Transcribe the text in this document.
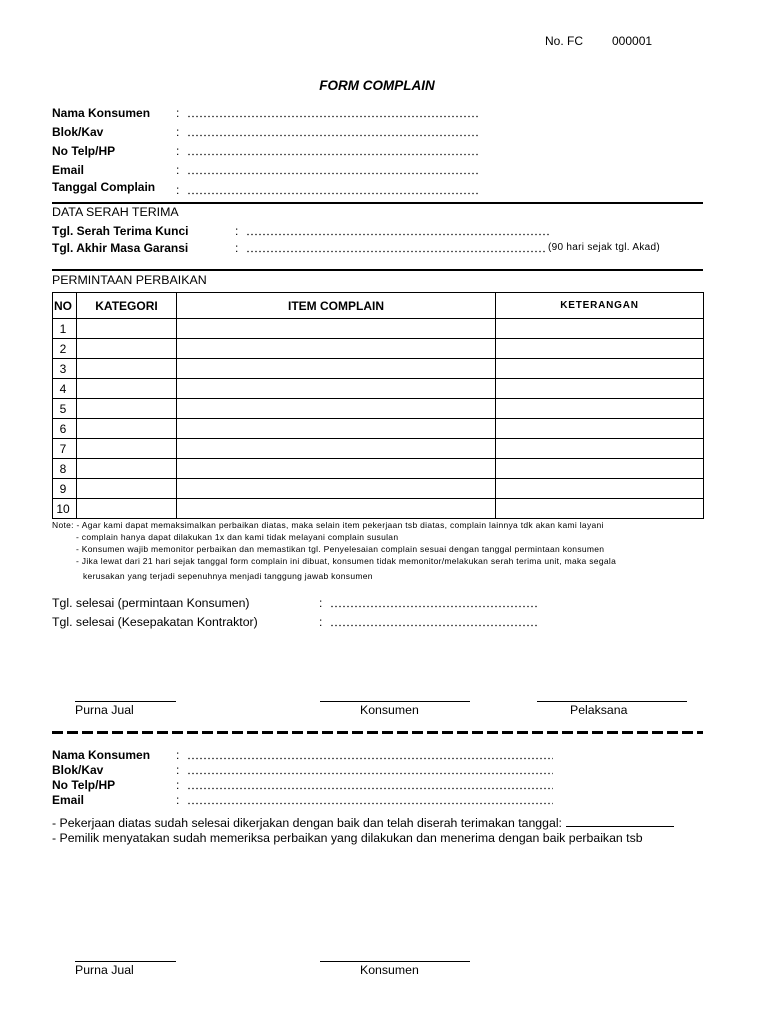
No. FC 000001
FORM COMPLAIN
Nama Konsumen :
Blok/Kav	:
No Telp/HP	:
Email	:
Tanggal Complain :
DATA SERAH TERIMA
Tgl. Serah Terima Kunci	:
Tgl. Akhir Masa Garansi	:	(90 hari sejak tgl. Akad)
PERMINTAAN PERBAIKAN
NO	KATEGORI	ITEM COMPLAIN	KETERANGAN
1			
2			
3			
4			
5			
6			
7			
8			
9			
10			
Note: - Agar kami dapat memaksimalkan perbaikan diatas, maka selain item pekerjaan tsb diatas, complain lainnya tdk akan kami layani
- complain hanya dapat dilakukan 1x dan kami tidak melayani complain susulan
- Konsumen wajib memonitor perbaikan dan memastikan tgl. Penyelesaian complain sesuai dengan tanggal permintaan konsumen
- Jika lewat dari 21 hari sejak tanggal form complain ini dibuat, konsumen tidak memonitor/melakukan serah terima unit, maka segala
kerusakan yang terjadi sepenuhnya menjadi tanggung jawab konsumen
Tgl. selesai (permintaan Konsumen)	:
Tgl. selesai (Kesepakatan Kontraktor)	:
Purna Jual	Konsumen	Pelaksana
Nama Konsumen :
Blok/Kav	:
No Telp/HP	:
Email	:
- Pekerjaan diatas sudah selesai dikerjakan dengan baik dan telah diserah terimakan tanggal:
- Pemilik menyatakan sudah memeriksa perbaikan yang dilakukan dan menerima dengan baik perbaikan tsb
Purna Jual	Konsumen
